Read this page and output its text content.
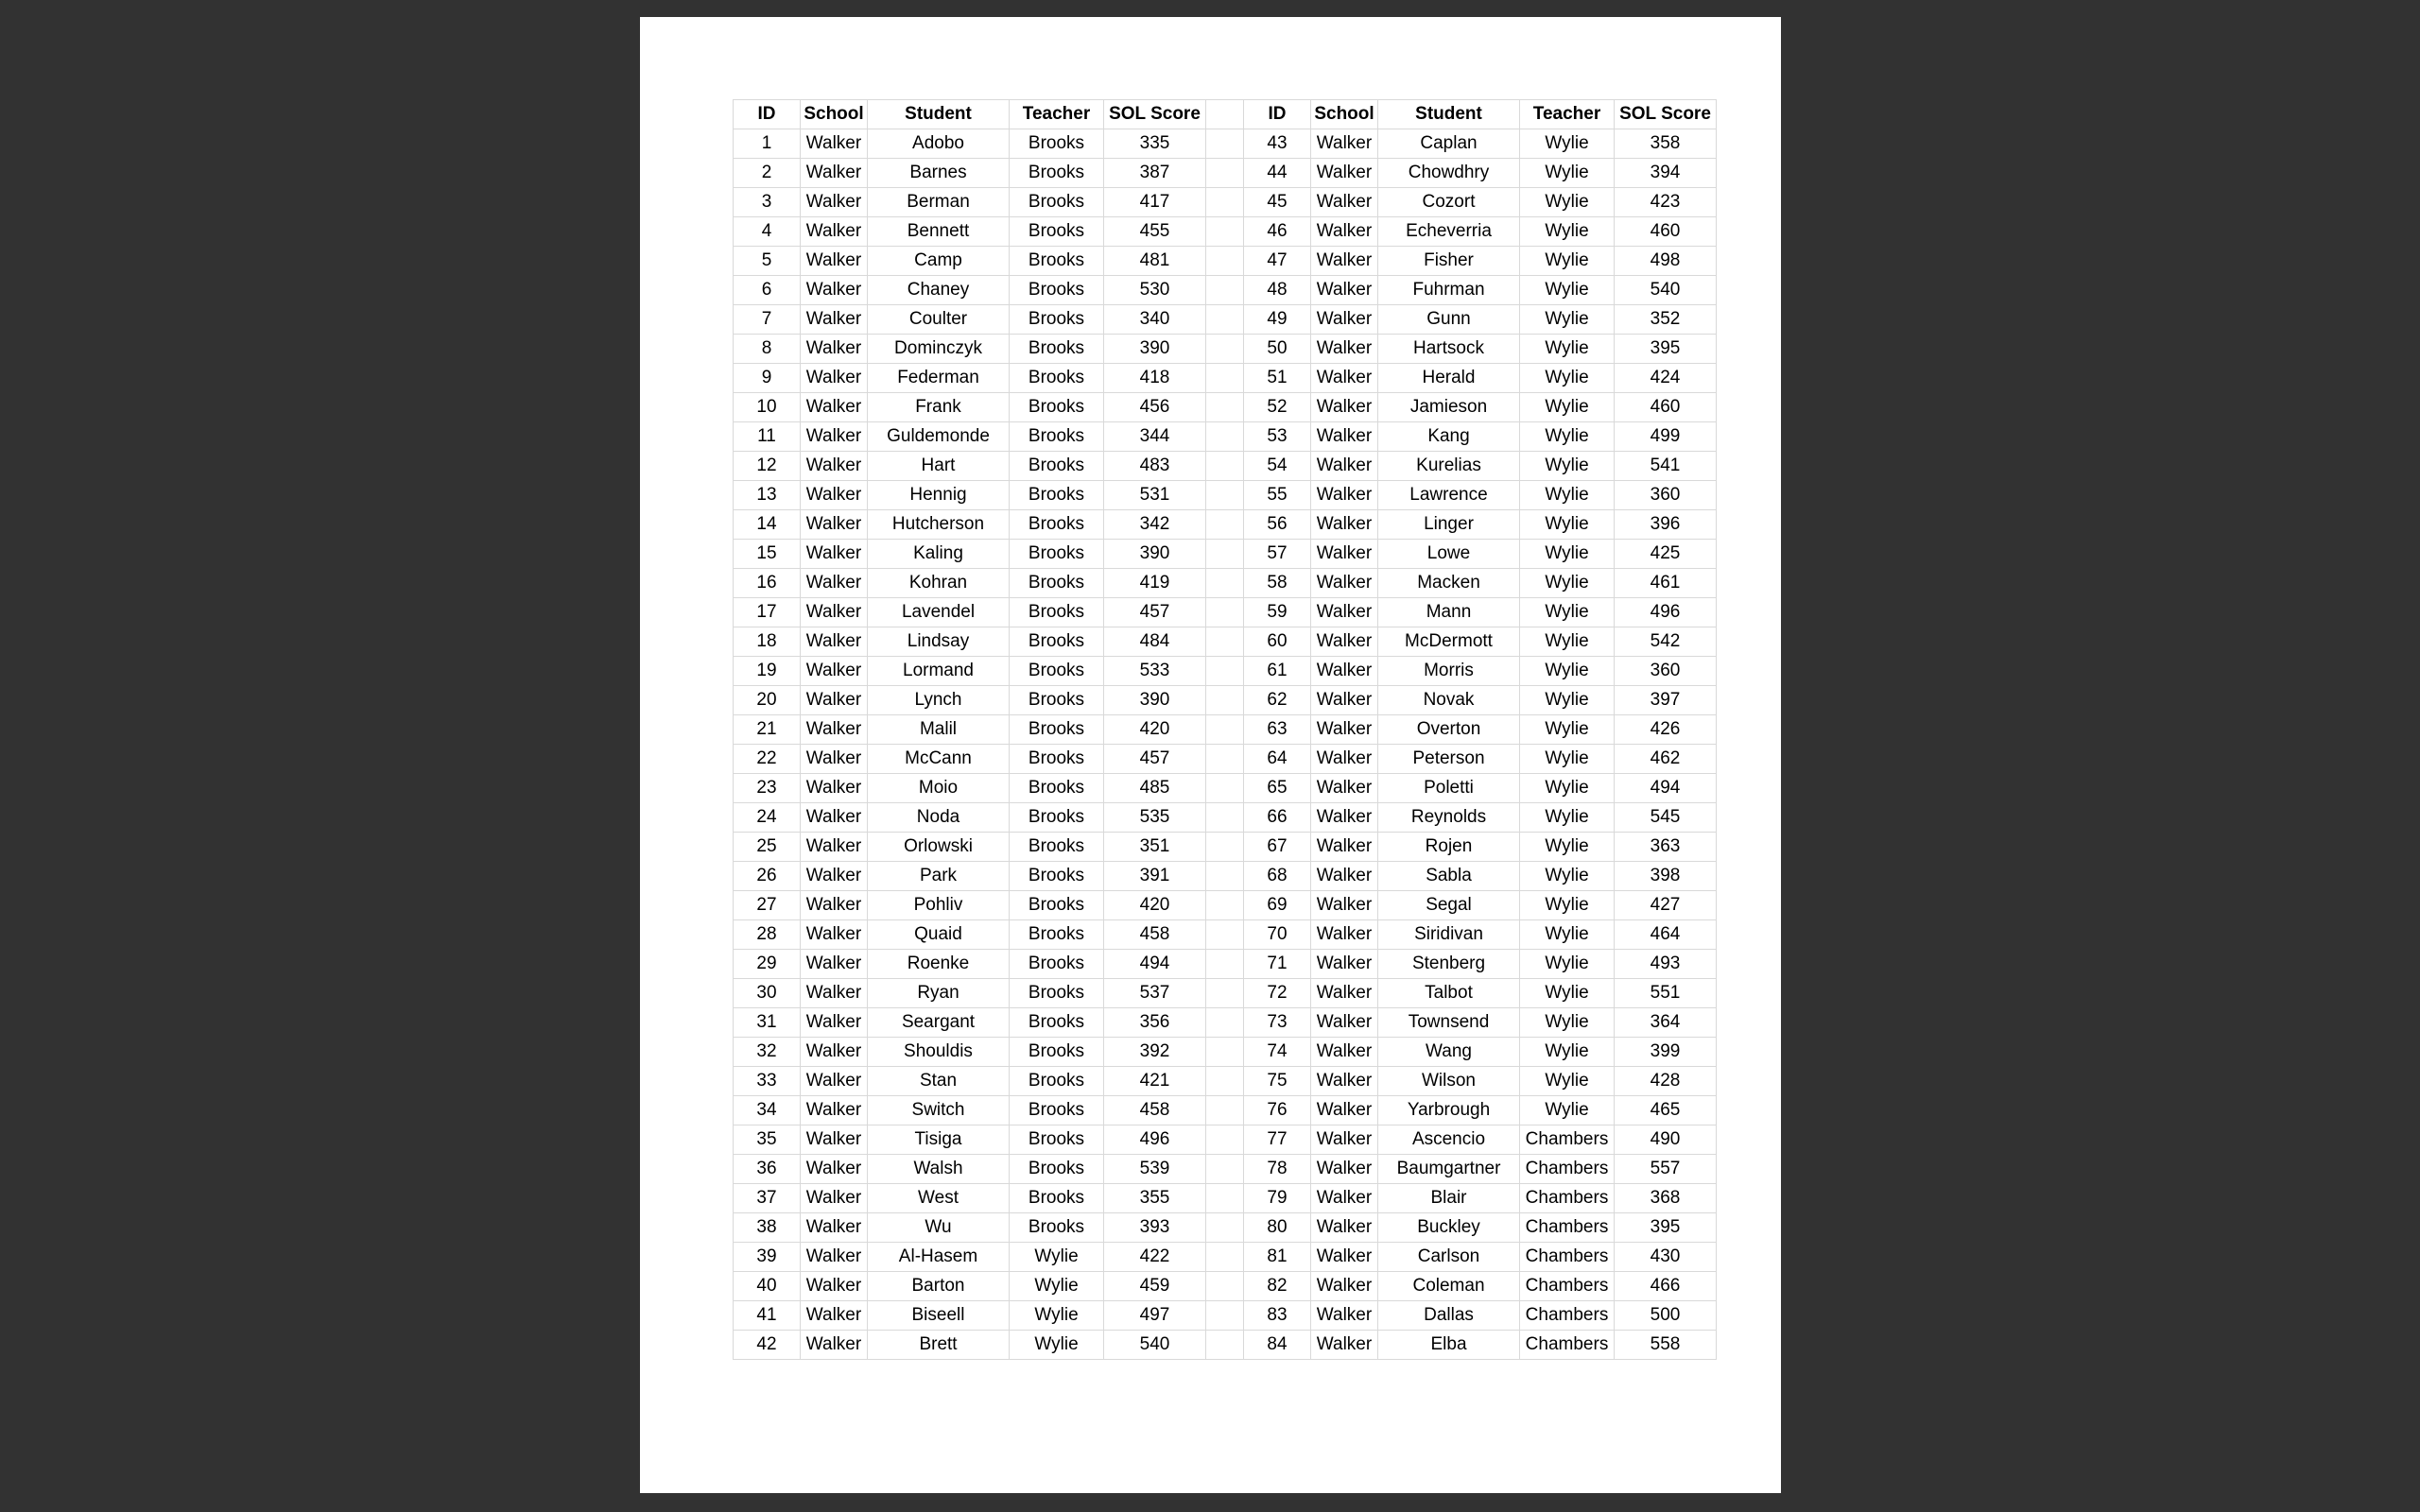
ID	School	Student	Teacher	SOL Score		ID	School	Student	Teacher	SOL Score
1	Walker	Adobo	Brooks	335		43	Walker	Caplan	Wylie	358
2	Walker	Barnes	Brooks	387		44	Walker	Chowdhry	Wylie	394
3	Walker	Berman	Brooks	417		45	Walker	Cozort	Wylie	423
4	Walker	Bennett	Brooks	455		46	Walker	Echeverria	Wylie	460
5	Walker	Camp	Brooks	481		47	Walker	Fisher	Wylie	498
6	Walker	Chaney	Brooks	530		48	Walker	Fuhrman	Wylie	540
7	Walker	Coulter	Brooks	340		49	Walker	Gunn	Wylie	352
8	Walker	Dominczyk	Brooks	390		50	Walker	Hartsock	Wylie	395
9	Walker	Federman	Brooks	418		51	Walker	Herald	Wylie	424
10	Walker	Frank	Brooks	456		52	Walker	Jamieson	Wylie	460
11	Walker	Guldemonde	Brooks	344		53	Walker	Kang	Wylie	499
12	Walker	Hart	Brooks	483		54	Walker	Kurelias	Wylie	541
13	Walker	Hennig	Brooks	531		55	Walker	Lawrence	Wylie	360
14	Walker	Hutcherson	Brooks	342		56	Walker	Linger	Wylie	396
15	Walker	Kaling	Brooks	390		57	Walker	Lowe	Wylie	425
16	Walker	Kohran	Brooks	419		58	Walker	Macken	Wylie	461
17	Walker	Lavendel	Brooks	457		59	Walker	Mann	Wylie	496
18	Walker	Lindsay	Brooks	484		60	Walker	McDermott	Wylie	542
19	Walker	Lormand	Brooks	533		61	Walker	Morris	Wylie	360
20	Walker	Lynch	Brooks	390		62	Walker	Novak	Wylie	397
21	Walker	Malil	Brooks	420		63	Walker	Overton	Wylie	426
22	Walker	McCann	Brooks	457		64	Walker	Peterson	Wylie	462
23	Walker	Moio	Brooks	485		65	Walker	Poletti	Wylie	494
24	Walker	Noda	Brooks	535		66	Walker	Reynolds	Wylie	545
25	Walker	Orlowski	Brooks	351		67	Walker	Rojen	Wylie	363
26	Walker	Park	Brooks	391		68	Walker	Sabla	Wylie	398
27	Walker	Pohliv	Brooks	420		69	Walker	Segal	Wylie	427
28	Walker	Quaid	Brooks	458		70	Walker	Siridivan	Wylie	464
29	Walker	Roenke	Brooks	494		71	Walker	Stenberg	Wylie	493
30	Walker	Ryan	Brooks	537		72	Walker	Talbot	Wylie	551
31	Walker	Seargant	Brooks	356		73	Walker	Townsend	Wylie	364
32	Walker	Shouldis	Brooks	392		74	Walker	Wang	Wylie	399
33	Walker	Stan	Brooks	421		75	Walker	Wilson	Wylie	428
34	Walker	Switch	Brooks	458		76	Walker	Yarbrough	Wylie	465
35	Walker	Tisiga	Brooks	496		77	Walker	Ascencio	Chambers	490
36	Walker	Walsh	Brooks	539		78	Walker	Baumgartner	Chambers	557
37	Walker	West	Brooks	355		79	Walker	Blair	Chambers	368
38	Walker	Wu	Brooks	393		80	Walker	Buckley	Chambers	395
39	Walker	Al-Hasem	Wylie	422		81	Walker	Carlson	Chambers	430
40	Walker	Barton	Wylie	459		82	Walker	Coleman	Chambers	466
41	Walker	Biseell	Wylie	497		83	Walker	Dallas	Chambers	500
42	Walker	Brett	Wylie	540		84	Walker	Elba	Chambers	558
